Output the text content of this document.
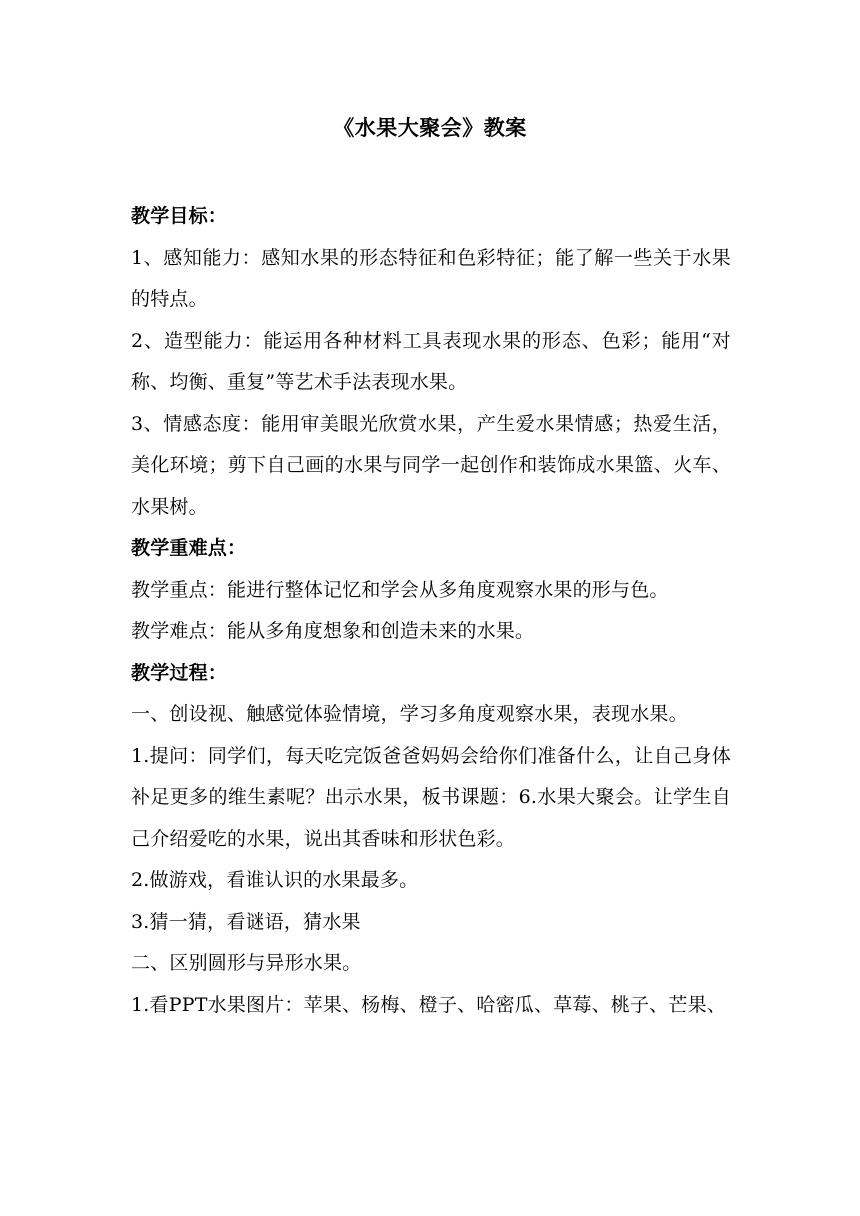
《水果大聚会》教案

教学目标：

1、感知能力：感知水果的形态特征和色彩特征；能了解一些关于水果的特点。

2、造型能力：能运用各种材料工具表现水果的形态、色彩；能用“对称、均衡、重复”等艺术手法表现水果。

3、情感态度：能用审美眼光欣赏水果，产生爱水果情感；热爱生活，美化环境；剪下自己画的水果与同学一起创作和装饰成水果篮、火车、水果树。

教学重难点：

教学重点：能进行整体记忆和学会从多角度观察水果的形与色。

教学难点：能从多角度想象和创造未来的水果。

教学过程：

一、创设视、触感觉体验情境，学习多角度观察水果，表现水果。

1.提问：同学们，每天吃完饭爸爸妈妈会给你们准备什么，让自己身体补足更多的维生素呢？出示水果，板书课题：6.水果大聚会。让学生自己介绍爱吃的水果，说出其香味和形状色彩。

2.做游戏，看谁认识的水果最多。

3.猜一猜，看谜语，猜水果

二、区别圆形与异形水果。

1.看PPT水果图片：苹果、杨梅、橙子、哈密瓜、草莓、桃子、芒果、
